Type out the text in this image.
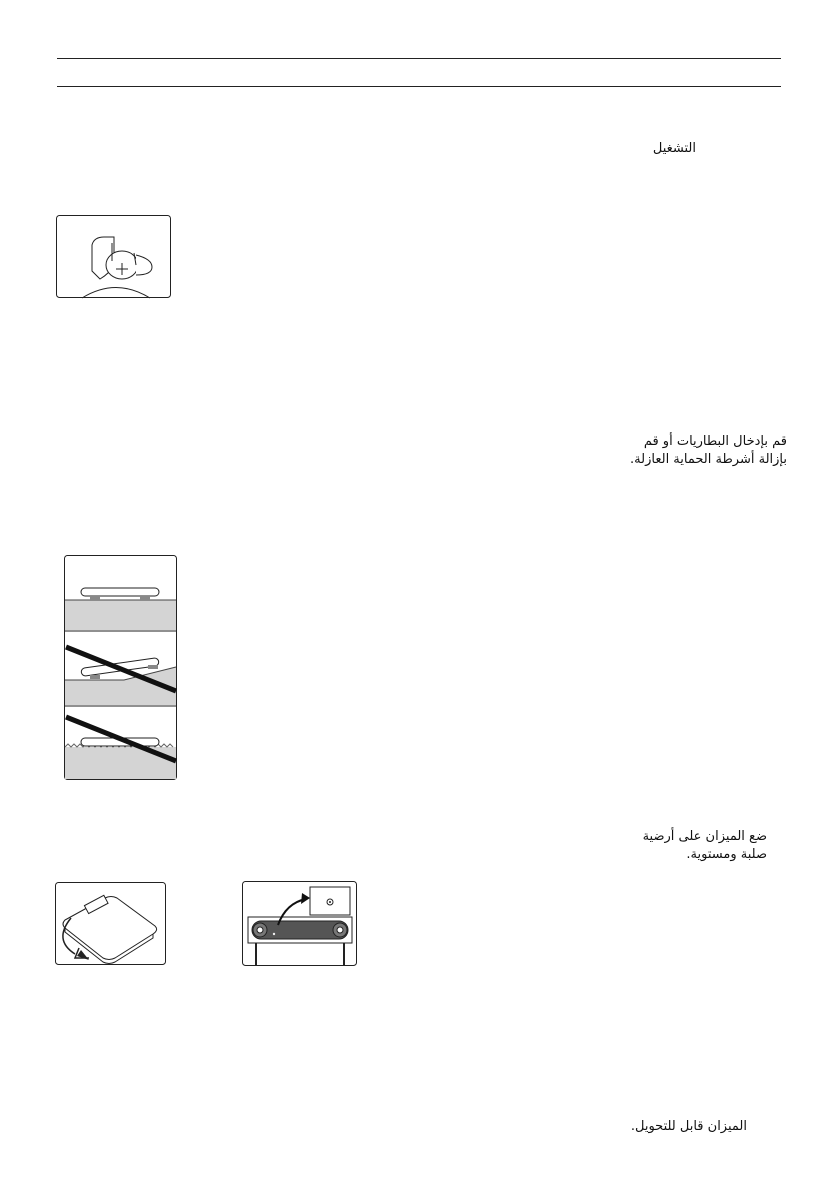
التشغيل
قم بإدخال البطاريات أو قم
بإزالة أشرطة الحماية العازلة.
ضع الميزان على أرضية
صلبة ومستوية.
الميزان قابل للتحويل.
